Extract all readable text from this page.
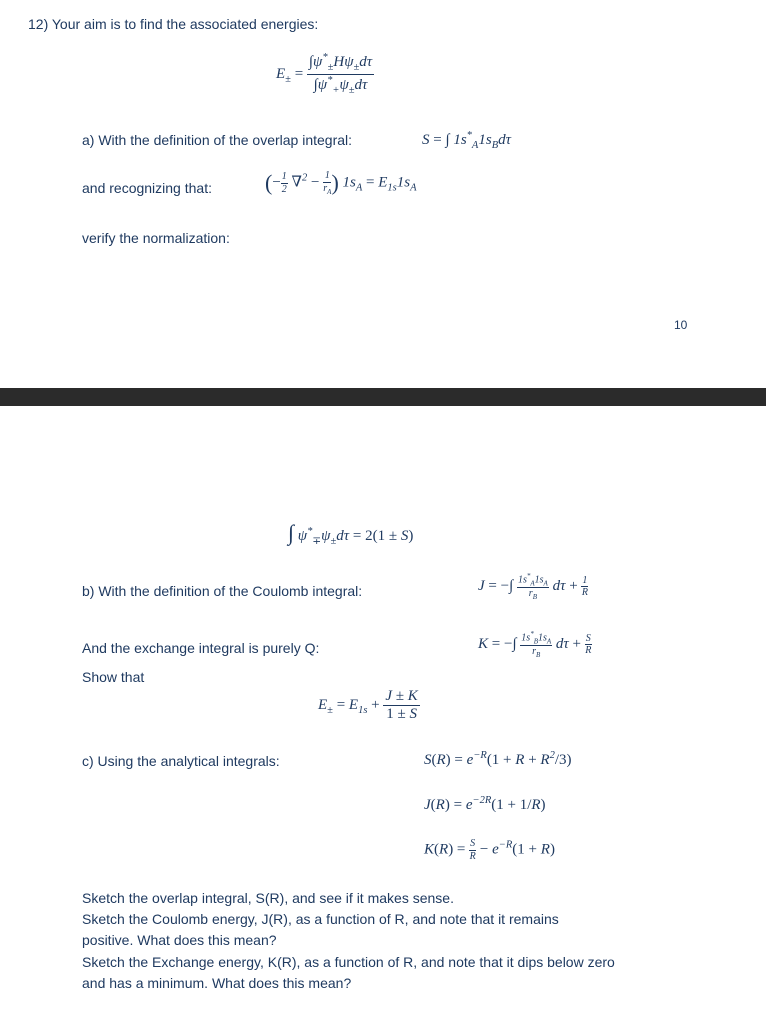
12) Your aim is to find the associated energies:
$E_\pm = \frac{\int\psi^*_\pm H\psi_\pm d\tau}{\int\psi^*_+\psi_\pm d\tau}$
a) With the definition of the overlap integral:	S = ∫ $1s^*_A1s_Bd\tau$
and recognizing that: (− $\frac{1}{2} \nabla^2 - \frac{1}{r_A}$ ) $1s_A = E_{1s}1s_A$
verify the normalization:
10
∫ $\psi^*_\mp\psi_\pm d\tau = 2(1 \pm S)$
b) With the definition of the Coulomb integral:	J = −∫ $\frac{1s^*_A1s_A}{r_B}$ $d\tau + \frac{1}{R}$
And the exchange integral is purely Q:	K = −∫ $\frac{1s^*_B1s_A}{r_B}$ $d\tau + \frac{S}{R}$
Show that
$E_\pm = E_{1s} + \frac{J \pm K}{1 \pm S}$
c) Using the analytical integrals:	$S(R) = e^{-R}(1 + R + R^2/3)$
$J(R) = e^{-2R}(1 + 1/R)$
$K(R) = \frac{S}{R} - e^{-R}(1 + R)$
Sketch the overlap integral, S(R), and see if it makes sense.
Sketch the Coulomb energy, J(R), as a function of R, and note that it remains
positive. What does this mean?
Sketch the Exchange energy, K(R), as a function of R, and note that it dips below zero
and has a minimum. What does this mean?
